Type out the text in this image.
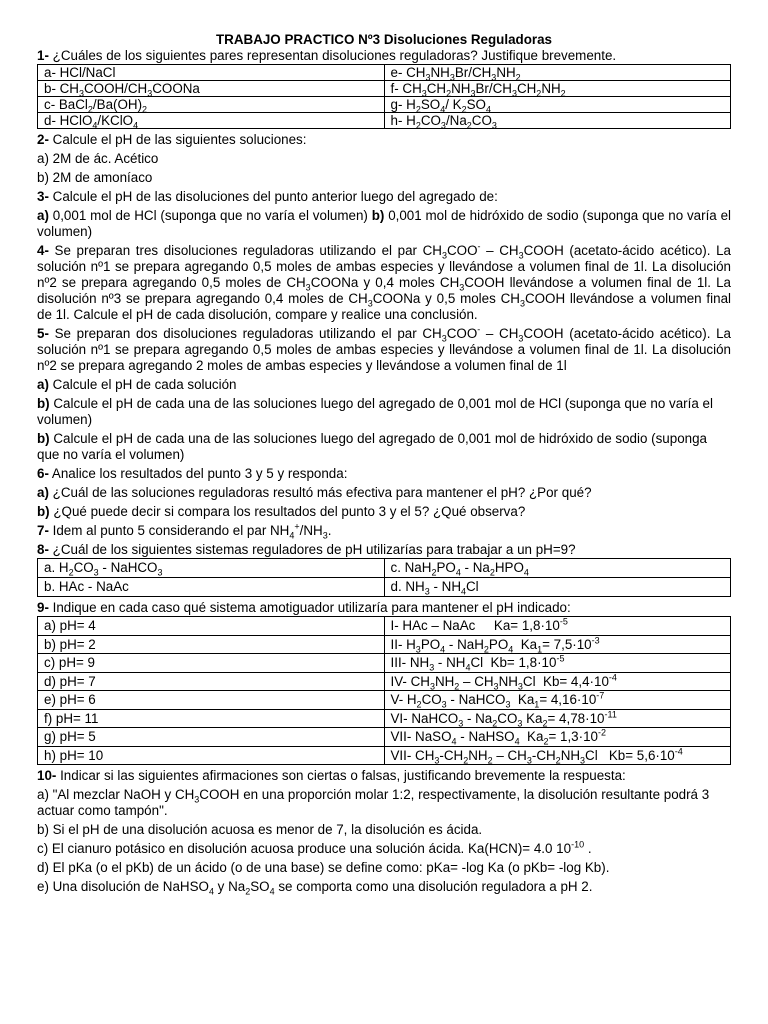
TRABAJO PRACTICO Nº3 Disoluciones Reguladoras

1- ¿Cuáles de los siguientes pares representan disoluciones reguladoras? Justifique brevemente.

a- HCl/NaCl	e- $CH_3NH_3Br/CH_3NH_2$
b- $CH_3COOH/CH_3COONa$	f- $CH_3CH_2NH_3Br/CH_3CH_2NH_2$
c- $BaCl_2/Ba(OH)_2$	g- $H_2SO_4/$ $K_2SO_4$
d- HClO$_4$/KClO$_4$	h- $H_2CO_3/Na_2CO_3$

2- Calcule el pH de las siguientes soluciones:

a) 2M de ác. Acético

b) 2M de amoníaco

3- Calcule el pH de las disoluciones del punto anterior luego del agregado de:

a) 0,001 mol de HCl (suponga que no varía el volumen) b) 0,001 mol de hidróxido de sodio (suponga que no varía el volumen)

4- Se preparan tres disoluciones reguladoras utilizando el par $CH_3COO^-$ – $CH_3COOH$ (acetato-ácido acético). La solución nº1 se prepara agregando 0,5 moles de ambas especies y llevándose a volumen final de 1l. La disolución nº2 se prepara agregando 0,5 moles de $CH_3COONa$ y 0,4 moles $CH_3COOH$ llevándose a volumen final de 1l. La disolución nº3 se prepara agregando 0,4 moles de $CH_3COONa$ y 0,5 moles $CH_3COOH$ llevándose a volumen final de 1l. Calcule el pH de cada disolución, compare y realice una conclusión.

5- Se preparan dos disoluciones reguladoras utilizando el par $CH_3COO^-$ – $CH_3COOH$ (acetato-ácido acético). La solución nº1 se prepara agregando 0,5 moles de ambas especies y llevándose a volumen final de 1l. La disolución nº2 se prepara agregando 2 moles de ambas especies y llevándose a volumen final de 1l

a) Calcule el pH de cada solución

b) Calcule el pH de cada una de las soluciones luego del agregado de 0,001 mol de HCl (suponga que no varía el volumen)

b) Calcule el pH de cada una de las soluciones luego del agregado de 0,001 mol de hidróxido de sodio (suponga que no varía el volumen)

6- Analice los resultados del punto 3 y 5 y responda:

a) ¿Cuál de las soluciones reguladoras resultó más efectiva para mantener el pH? ¿Por qué?

b) ¿Qué puede decir si compara los resultados del punto 3 y el 5? ¿Qué observa?

7- Idem al punto 5 considerando el par $NH_4^+/NH_3$.

8- ¿Cuál de los siguientes sistemas reguladores de pH utilizarías para trabajar a un pH=9?

a. $H_2CO_3$ - NaHCO$_3$	c. $NaH_2PO_4 - Na_2HPO_4$
b. HAc - NaAc	d. $NH_3 - NH_4Cl$

9- Indique en cada caso qué sistema amotiguador utilizaría para mantener el pH indicado:

a) pH= 4	I- HAc – NaAc     $Ka= 1,8\cdot 10^{-5}$
b) pH= 2	II- $H_3PO_4 - NaH_2PO_4$  $Ka_1= 7,5\cdot 10^{-3}$
c) pH= 9	III- $NH_3 - NH_4Cl$  $Kb= 1,8\cdot 10^{-5}$
d) pH= 7	IV- $CH_3NH_2 - CH_3NH_3Cl$  $Kb= 4,4\cdot 10^{-4}$
e) pH= 6	V- $H_2CO_3$ - NaHCO$_3$  $Ka_1= 4,16\cdot 10^{-7}$
f) pH= 11	VI- NaHCO$_3$ - $Na_2CO_3$ $Ka_2= 4,78\cdot 10^{-11}$
g) pH= 5	VII- NaSO$_4$ - NaHSO$_4$  $Ka_2= 1,3\cdot 10^{-2}$
h) pH= 10	VII- $CH_3-CH_2NH_2 - CH_3-CH_2NH_3Cl$   $Kb= 5,6\cdot 10^{-4}$

10- Indicar si las siguientes afirmaciones son ciertas o falsas, justificando brevemente la respuesta:

a) "Al mezclar NaOH y $CH_3COOH$ en una proporción molar 1:2, respectivamente, la disolución resultante podrá 3 actuar como tampón".

b) Si el pH de una disolución acuosa es menor de 7, la disolución es ácida.

c) El cianuro potásico en disolución acuosa produce una solución ácida. Ka(HCN)= 4.0 $10^{-10}$ .

d) El pKa (o el pKb) de un ácido (o de una base) se define como: pKa= -log Ka (o pKb= -log Kb).

e) Una disolución de NaHSO$_4$ y $Na_2SO_4$ se comporta como una disolución reguladora a pH 2.
